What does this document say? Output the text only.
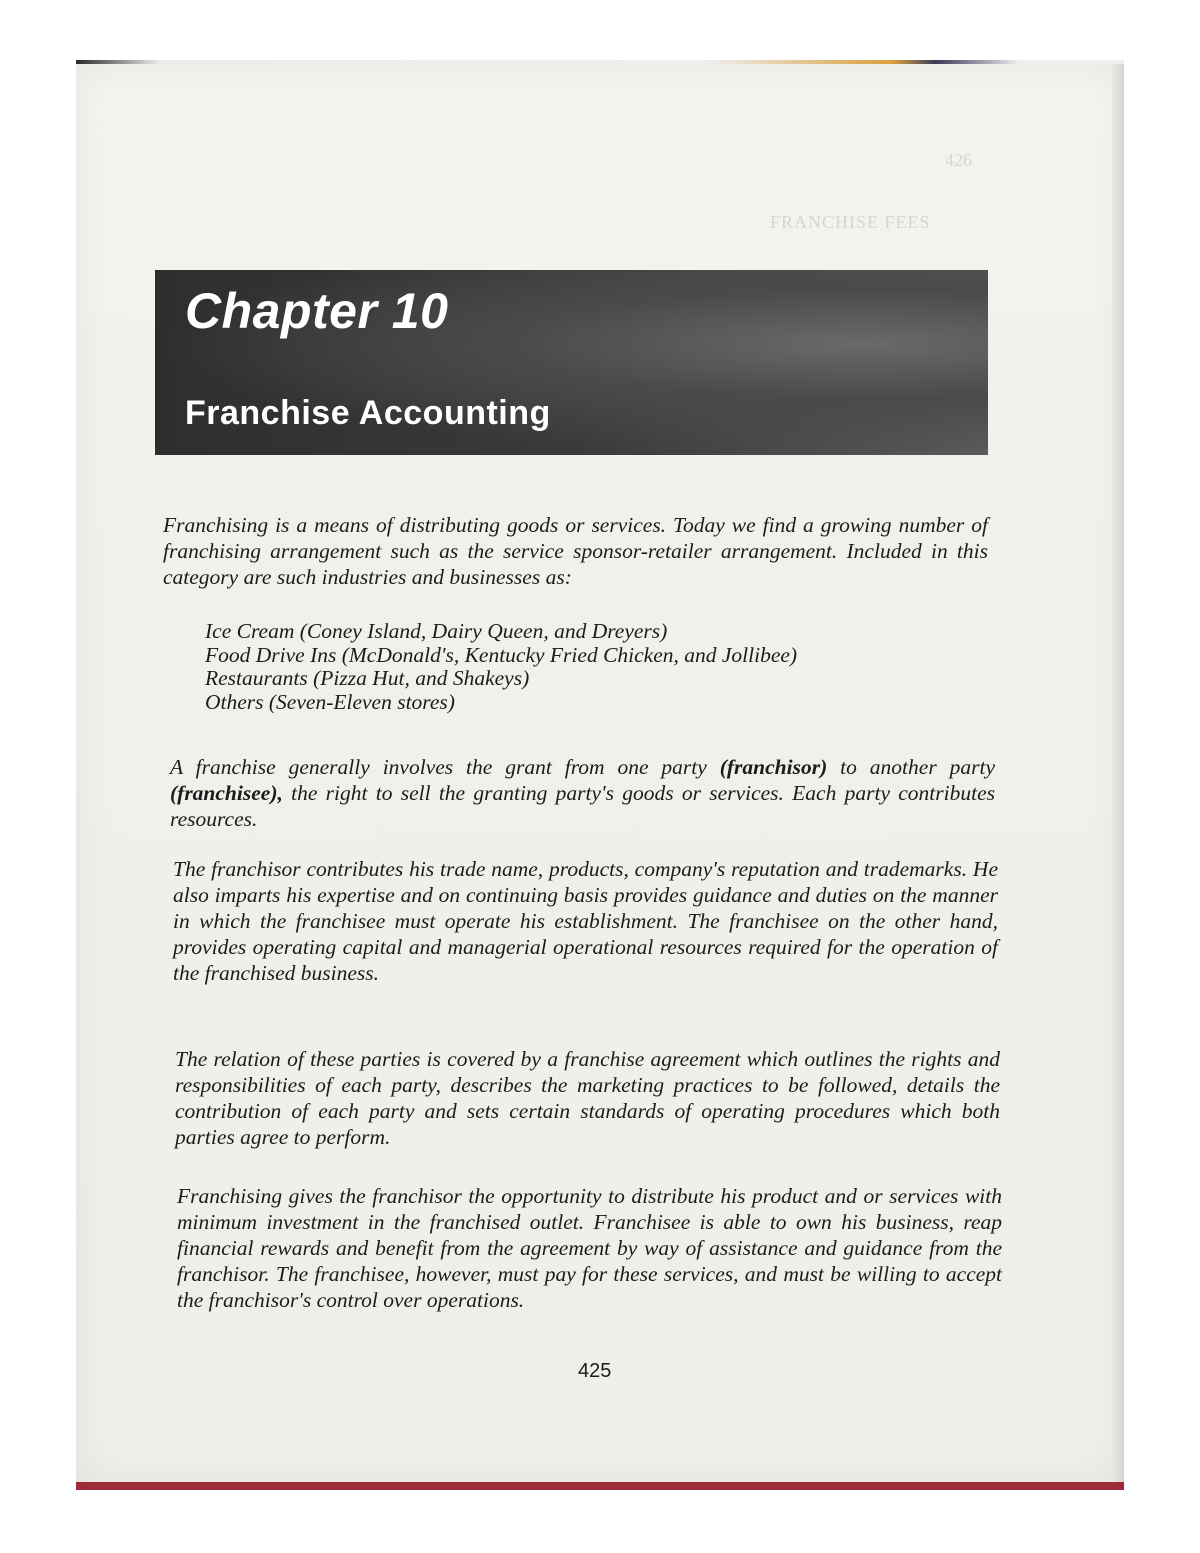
426
FRANCHISE FEES
Chapter 10
Franchise Accounting

Franchising is a means of distributing goods or services. Today we find a growing number of franchising arrangement such as the service sponsor-retailer arrangement. Included in this category are such industries and businesses as:

Ice Cream (Coney Island, Dairy Queen, and Dreyers)
Food Drive Ins (McDonald's, Kentucky Fried Chicken, and Jollibee)
Restaurants (Pizza Hut, and Shakeys)
Others (Seven-Eleven stores)

A franchise generally involves the grant from one party (franchisor) to another party (franchisee), the right to sell the granting party's goods or services. Each party contributes resources.

The franchisor contributes his trade name, products, company's reputation and trademarks. He also imparts his expertise and on continuing basis provides guidance and duties on the manner in which the franchisee must operate his establishment. The franchisee on the other hand, provides operating capital and managerial operational resources required for the operation of the franchised business.

The relation of these parties is covered by a franchise agreement which outlines the rights and responsibilities of each party, describes the marketing practices to be followed, details the contribution of each party and sets certain standards of operating procedures which both parties agree to perform.

Franchising gives the franchisor the opportunity to distribute his product and or services with minimum investment in the franchised outlet. Franchisee is able to own his business, reap financial rewards and benefit from the agreement by way of assistance and guidance from the franchisor. The franchisee, however, must pay for these services, and must be willing to accept the franchisor's control over operations.

425
